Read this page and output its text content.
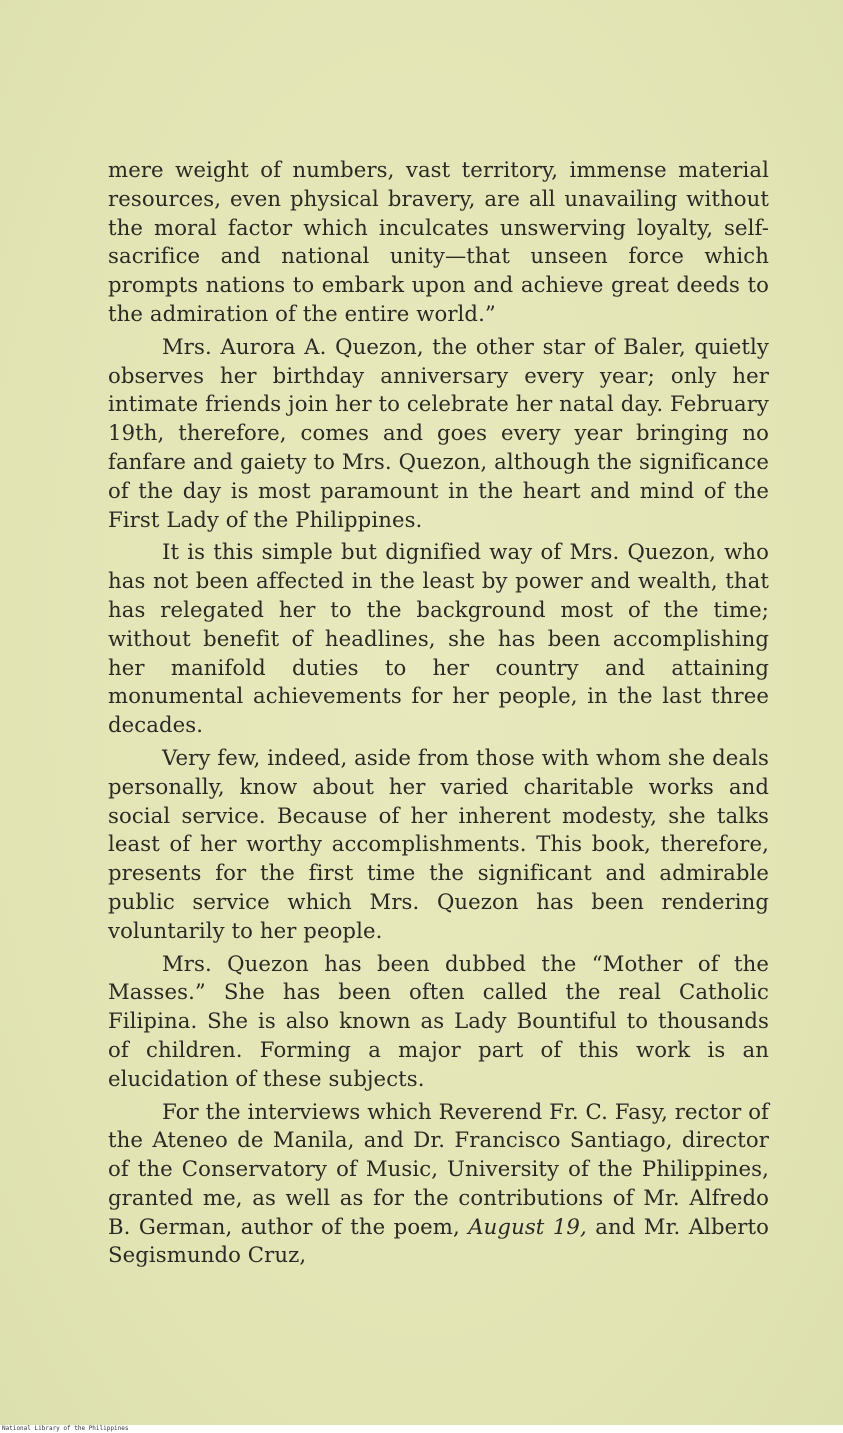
mere weight of numbers, vast territory, immense material resources, even physical bravery, are all unavailing without the moral factor which inculcates unswerving loyalty, self-sacrifice and national unity—that unseen force which prompts nations to embark upon and achieve great deeds to the admiration of the entire world.”

Mrs. Aurora A. Quezon, the other star of Baler, quietly observes her birthday anniversary every year; only her intimate friends join her to celebrate her natal day. February 19th, therefore, comes and goes every year bringing no fanfare and gaiety to Mrs. Quezon, although the significance of the day is most paramount in the heart and mind of the First Lady of the Philippines.

It is this simple but dignified way of Mrs. Quezon, who has not been affected in the least by power and wealth, that has relegated her to the background most of the time; without benefit of headlines, she has been accomplishing her manifold duties to her country and attaining monumental achievements for her people, in the last three decades.

Very few, indeed, aside from those with whom she deals personally, know about her varied charitable works and social service. Because of her inherent modesty, she talks least of her worthy accomplishments. This book, therefore, presents for the first time the significant and admirable public service which Mrs. Quezon has been rendering voluntarily to her people.

Mrs. Quezon has been dubbed the “Mother of the Masses.” She has been often called the real Catholic Filipina. She is also known as Lady Bountiful to thousands of children. Forming a major part of this work is an elucidation of these subjects.

For the interviews which Reverend Fr. C. Fasy, rector of the Ateneo de Manila, and Dr. Francisco Santiago, director of the Conservatory of Music, University of the Philippines, granted me, as well as for the contributions of Mr. Alfredo B. German, author of the poem, August 19, and Mr. Alberto Segismundo Cruz,

National Library of the Philippines
